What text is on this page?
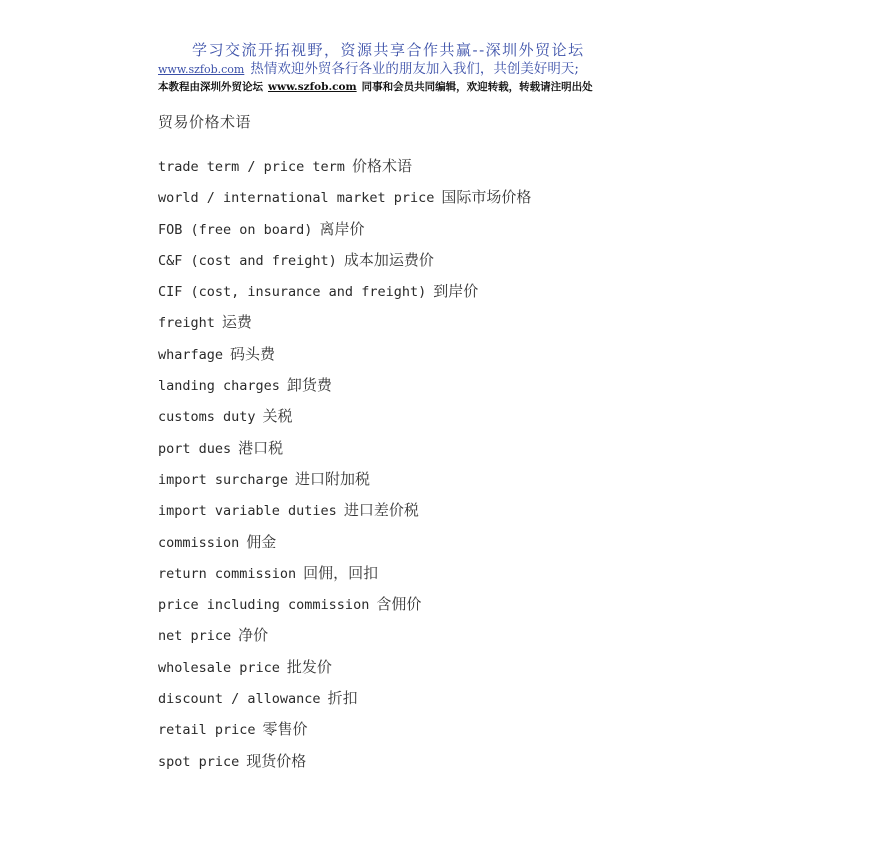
学习交流开拓视野，资源共享合作共赢--深圳外贸论坛
www.szfob.com 热情欢迎外贸各行各业的朋友加入我们，共创美好明天;
本教程由深圳外贸论坛 www.szfob.com 同事和会员共同编辑，欢迎转载，转载请注明出处
贸易价格术语
trade term / price term 价格术语
world / international market price 国际市场价格
FOB (free on board) 离岸价
C&F (cost and freight) 成本加运费价
CIF (cost, insurance and freight) 到岸价
freight 运费
wharfage 码头费
landing charges 卸货费
customs duty 关税
port dues 港口税
import surcharge 进口附加税
import variable duties 进口差价税
commission 佣金
return commission 回佣，回扣
price including commission 含佣价
net price 净价
wholesale price 批发价
discount / allowance 折扣
retail price 零售价
spot price 现货价格
